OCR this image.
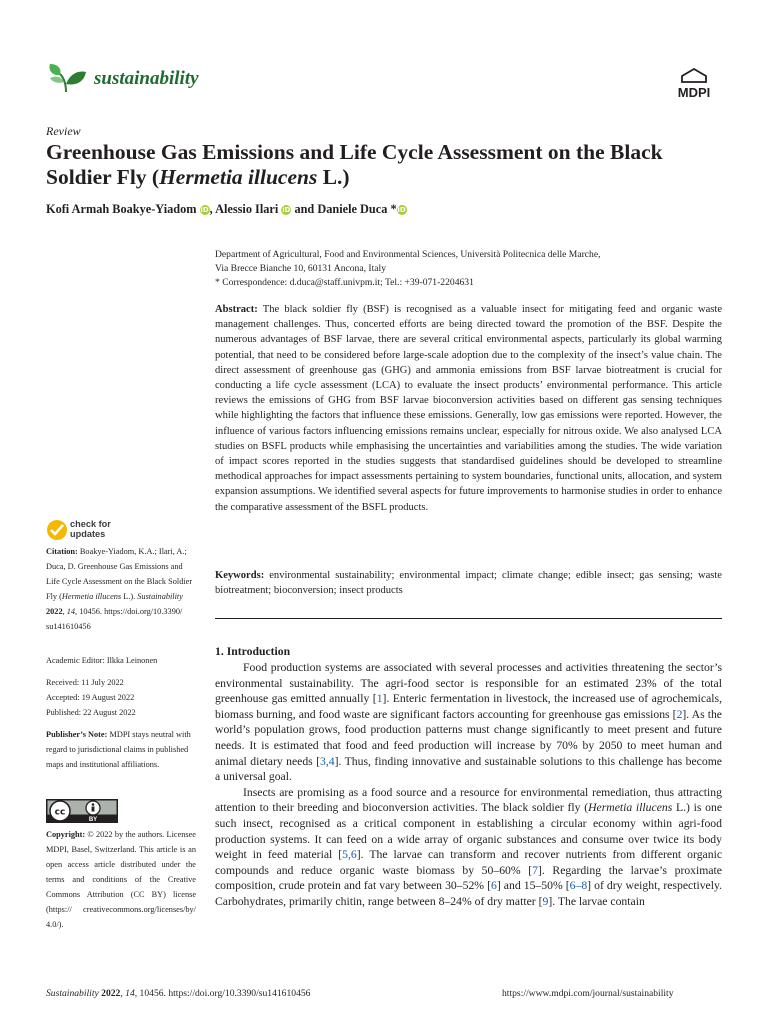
sustainability
MDPI
Review
Greenhouse Gas Emissions and Life Cycle Assessment on the Black Soldier Fly (Hermetia illucens L.)
Kofi Armah Boakye-Yiadom iD, Alessio Ilari iD and Daniele Duca *iD
Department of Agricultural, Food and Environmental Sciences, Università Politecnica delle Marche,
Via Brecce Bianche 10, 60131 Ancona, Italy
* Correspondence: d.duca@staff.univpm.it; Tel.: +39-071-2204631
Abstract: The black soldier fly (BSF) is recognised as a valuable insect for mitigating feed and organic waste management challenges. Thus, concerted efforts are being directed toward the promotion of the BSF. Despite the numerous advantages of BSF larvae, there are several critical environmental aspects, particularly its global warming potential, that need to be considered before large-scale adoption due to the complexity of the insect’s value chain. The direct assessment of greenhouse gas (GHG) and ammonia emissions from BSF larvae biotreatment is crucial for conducting a life cycle assessment (LCA) to evaluate the insect products’ environmental performance. This article reviews the emissions of GHG from BSF larvae bioconversion activities based on different gas sensing techniques while highlighting the factors that influence these emissions. Generally, low gas emissions were reported. However, the influence of various factors influencing emissions remains unclear, especially for nitrous oxide. We also analysed LCA studies on BSFL products while emphasising the uncertainties and variabilities among the studies. The wide variation of impact scores reported in the studies suggests that standardised guidelines should be developed to streamline methodical approaches for impact assessments pertaining to system boundaries, functional units, allocation, and system expansion assumptions. We identified several aspects for future improvements to harmonise studies in order to enhance the comparative assessment of the BSFL products.
Keywords: environmental sustainability; environmental impact; climate change; edible insect; gas sensing; waste biotreatment; bioconversion; insect products
1. Introduction

Food production systems are associated with several processes and activities threatening the sector’s environmental sustainability. The agri-food sector is responsible for an estimated 23% of the total greenhouse gas emitted annually [1]. Enteric fermentation in livestock, the increased use of agrochemicals, biomass burning, and food waste are significant factors accounting for greenhouse gas emissions [2]. As the world’s population grows, food production patterns must change significantly to meet present and future needs. It is estimated that food and feed production will increase by 70% by 2050 to meet human and animal dietary needs [3,4]. Thus, finding innovative and sustainable solutions to this challenge has become a universal goal.

Insects are promising as a food source and a resource for environmental remediation, thus attracting attention to their breeding and bioconversion activities. The black soldier fly (Hermetia illucens L.) is one such insect, recognised as a critical component in establishing a circular economy within agri-food production systems. It can feed on a wide array of organic substances and consume over twice its body weight in feed material [5,6]. The larvae can transform and recover nutrients from different organic compounds and reduce organic waste biomass by 50–60% [7]. Regarding the larvae’s proximate composition, crude protein and fat vary between 30–52% [6] and 15–50% [6–8] of dry weight, respectively. Carbohydrates, primarily chitin, range between 8–24% of dry matter [9]. The larvae contain

check for
updates
Citation: Boakye-Yiadom, K.A.; Ilari, A.; Duca, D. Greenhouse Gas Emissions and Life Cycle Assessment on the Black Soldier Fly (Hermetia illucens L.). Sustainability 2022, 14, 10456. https://doi.org/10.3390/ su141610456
Academic Editor: Ilkka Leinonen
Received: 11 July 2022
Accepted: 19 August 2022
Published: 22 August 2022
Publisher’s Note: MDPI stays neutral with regard to jurisdictional claims in published maps and institutional affiliations.
cc
BY
Copyright: © 2022 by the authors. Licensee MDPI, Basel, Switzerland. This article is an open access article distributed under the terms and conditions of the Creative Commons Attribution (CC BY) license (https:// creativecommons.org/licenses/by/ 4.0/).
Sustainability 2022, 14, 10456. https://doi.org/10.3390/su141610456	https://www.mdpi.com/journal/sustainability
